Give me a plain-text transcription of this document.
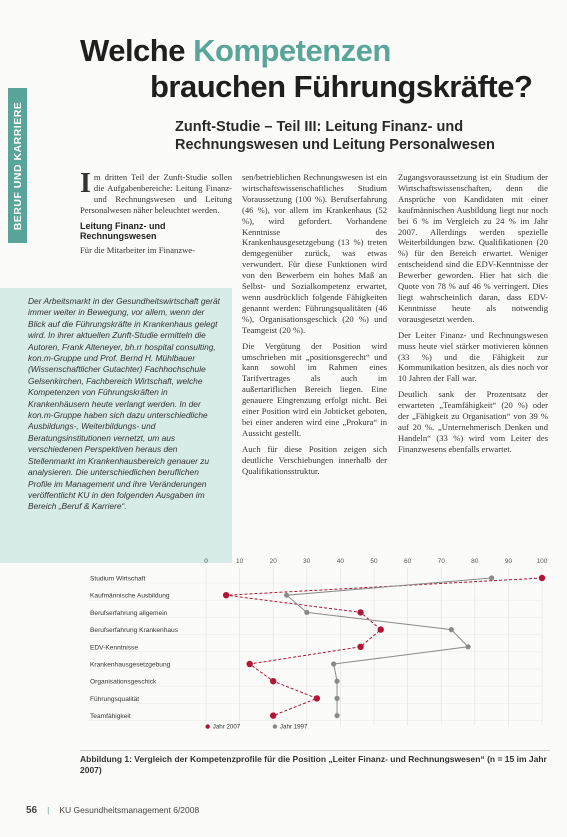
BERUF UND KARRIERE
Welche Kompetenzen
brauchen Führungskräfte?
Zunft-Studie – Teil III: Leitung Finanz- und Rechnungswesen und Leitung Personalwesen
Der Arbeitsmarkt in der Gesundheitswirtschaft gerät immer weiter in Bewegung, vor allem, wenn der Blick auf die Führungskräfte in Krankenhaus gelegt wird. In ihrer aktuellen Zunft-Studie ermitteln die Autoren, Frank Alteneyer, bh.rr hospital consulting, kon.m-Gruppe und Prof. Bernd H. Mühlbauer (Wissenschaftlicher Gutachter) Fachhochschule Gelsenkirchen, Fachbereich Wirtschaft, welche Kompetenzen von Führungskräften in Krankenhäusern heute verlangt werden. In der kon.m-Gruppe haben sich dazu unterschiedliche Ausbildungs-, Weiterbildungs- und Beratungsinstitutionen vernetzt, um aus verschiedenen Perspektiven heraus den Stellenmarkt im Krankenhausbereich genauer zu analysieren. Die unterschiedlichen beruflichen Profile im Management und ihre Veränderungen veröffentlicht KU in den folgenden Ausgaben im Bereich „Beruf & Karriere“.

Im dritten Teil der Zunft-Studie sollen die Aufgabenbereiche: Leitung Finanz- und Rechnungswesen und Leitung Personalwesen näher beleuchtet werden.

Leitung Finanz- und Rechnungswesen

Für die Mitarbeiter im Finanzwe-

sen/betrieblichen Rechnungswesen ist ein wirtschaftswissenschaftliches Studium Voraussetzung (100 %). Berufserfahrung (46 %), vor allem im Krankenhaus (52 %), wird gefordert. Vorhandene Kenntnisse des Krankenhausgesetzgebung (13 %) treten demgegenüber zurück, was etwas verwundert. Für diese Funktionen wird von den Bewerbern ein hohes Maß an Selbst- und Sozialkompetenz erwartet, wenn ausdrücklich folgende Fähigkeiten genannt werden: Führungsqualitäten (46 %), Organisationsgeschick (20 %) und Teamgeist (20 %).

Die Vergütung der Position wird umschrieben mit „positionsgerecht“ und kann sowohl im Rahmen eines Tarifvertrages als auch im außertariflichen Bereich liegen. Eine genauere Eingrenzung erfolgt nicht. Bei einer Position wird ein Jobticket geboten, bei einer anderen wird eine „Prokura“ in Aussicht gestellt.

Auch für diese Position zeigen sich deutliche Verschiebungen innerhalb der Qualifikationsstruktur.

Zugangsvoraussetzung ist ein Studium der Wirtschaftswissenschaften, denn die Ansprüche von Kandidaten mit einer kaufmännischen Ausbildung liegt nur noch bei 6 % im Vergleich zu 24 % im Jahr 2007. Allerdings werden spezielle Weiterbildungen bzw. Qualifikationen (20 %) für den Bereich erwartet. Weniger entscheidend sind die EDV-Kenntnisse der Bewerber geworden. Hier hat sich die Quote von 78 % auf 46 % verringert. Dies liegt wahrscheinlich daran, dass EDV-Kenntnisse heute als notwendig vorausgesetzt werden.

Der Leiter Finanz- und Rechnungswesen muss heute viel stärker motivieren können (33 %) und die Fähigkeit zur Kommunikation besitzen, als dies noch vor 10 Jahren der Fall war.

Deutlich sank der Prozentsatz der erwarteten „Teamfähigkeit“ (20 %) oder der „Fähigkeit zu Organisation“ von 39 % auf 20 %. „Unternehmerisch Denken und Handeln“ (33 %) wird vom Leiter des Finanzwesens ebenfalls erwartet.

0	10	20	30	40	50	60	70	80	90	100
Studium Wirtschaft
Kaufmännische Ausbildung
Berufserfahrung allgemein
Berufserfahrung Krankenhaus
EDV-Kenntnisse
Krankenhausgesetzgebung
Organisationsgeschick
Führungsqualität
Teamfähigkeit
Jahr 2007	Jahr 1997
Abbildung 1: Vergleich der Kompetenzprofile für die Position „Leiter Finanz- und Rechnungswesen“ (n = 15 im Jahr 2007)
56 | KU Gesundheitsmanagement 6/2008
